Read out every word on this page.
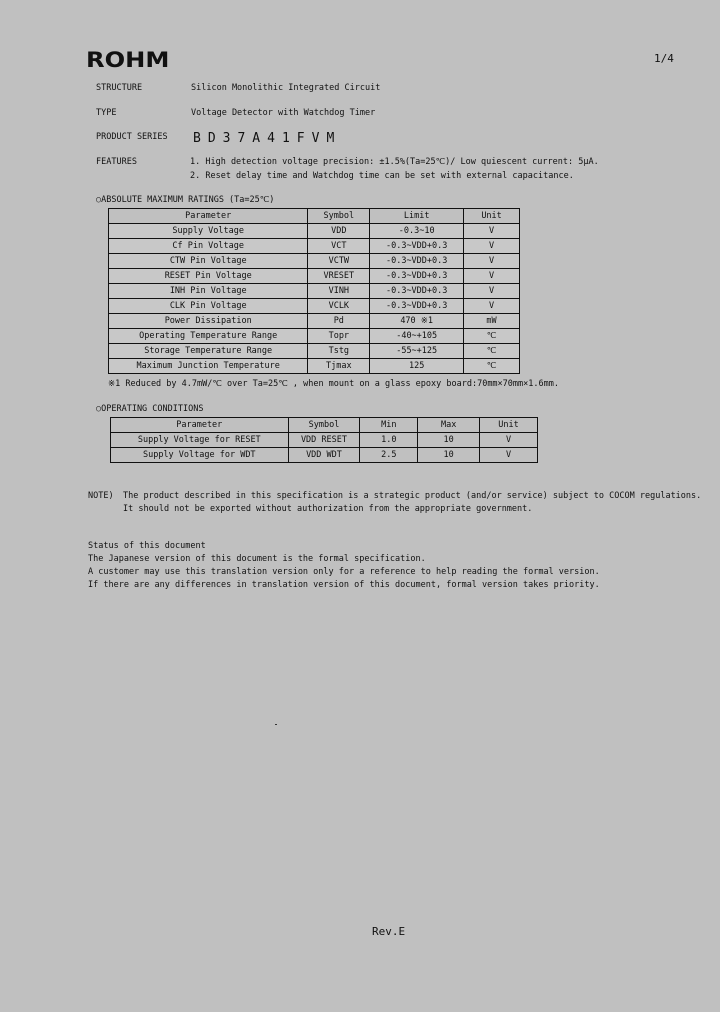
ROHM	1/4
STRUCTURE	Silicon Monolithic Integrated Circuit
TYPE	Voltage Detector with Watchdog Timer
PRODUCT SERIES BD37A41FVM
FEATURES	1. High detection voltage precision: ±1.5%(Ta=25℃)/ Low quiescent current: 5μA.
2. Reset delay time and Watchdog time can be set with external capacitance.
○ABSOLUTE MAXIMUM RATINGS (Ta=25℃)
Parameter	Symbol	Limit	Unit
Supply Voltage	VDD	-0.3~10	V
Cf Pin Voltage	VCT	-0.3~VDD+0.3	V
CTW Pin Voltage	VCTW	-0.3~VDD+0.3	V
RESET Pin Voltage	VRESET	-0.3~VDD+0.3	V
INH Pin Voltage	VINH	-0.3~VDD+0.3	V
CLK Pin Voltage	VCLK	-0.3~VDD+0.3	V
Power Dissipation	Pd	470 ※1	mW
Operating Temperature Range	Topr	-40~+105	℃
Storage Temperature Range	Tstg	-55~+125	℃
Maximum Junction Temperature	Tjmax	125	℃
※1 Reduced by 4.7mW/℃ over Ta=25℃ , when mount on a glass epoxy board:70mm×70mm×1.6mm.
○OPERATING CONDITIONS
Parameter	Symbol	Min	Max	Unit
Supply Voltage for RESET	VDD RESET	1.0	10	V
Supply Voltage for WDT	VDD WDT	2.5	10	V
NOTE) The product described in this specification is a strategic product (and/or service) subject to COCOM regulations.
It should not be exported without authorization from the appropriate government.
Status of this document
The Japanese version of this document is the formal specification.
A customer may use this translation version only for a reference to help reading the formal version.
If there are any differences in translation version of this document, formal version takes priority.
Rev.E
